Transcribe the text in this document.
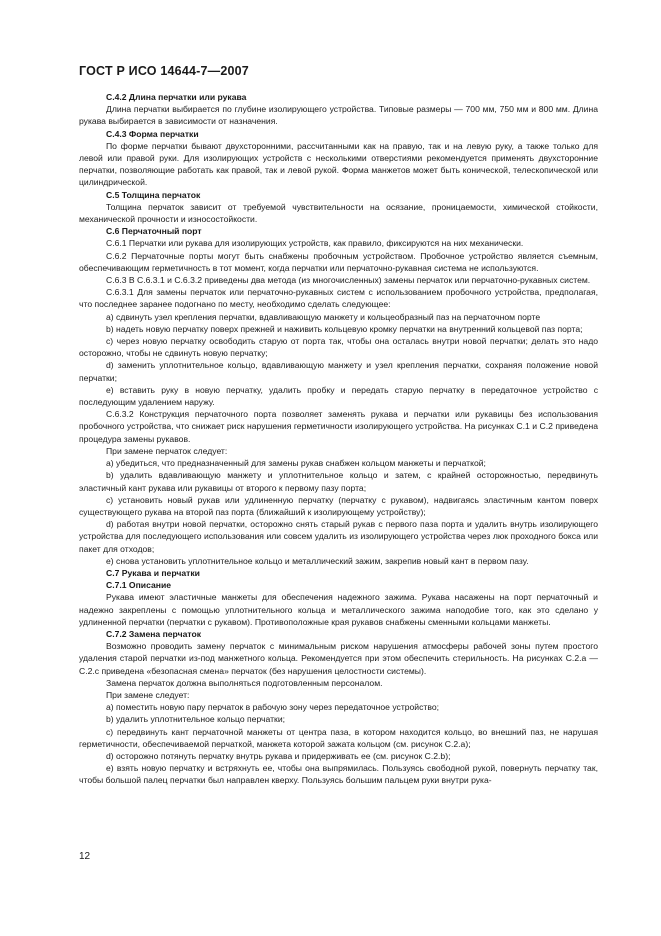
ГОСТ Р ИСО 14644-7—2007

С.4.2 Длина перчатки или рукава

Длина перчатки выбирается по глубине изолирующего устройства. Типовые размеры — 700 мм, 750 мм и 800 мм. Длина рукава выбирается в зависимости от назначения.

С.4.3 Форма перчатки

По форме перчатки бывают двухсторонними, рассчитанными как на правую, так и на левую руку, а также только для левой или правой руки. Для изолирующих устройств с несколькими отверстиями рекомендуется применять двухсторонние перчатки, позволяющие работать как правой, так и левой рукой. Форма манжетов может быть конической, телескопической или цилиндрической.

С.5 Толщина перчаток

Толщина перчаток зависит от требуемой чувствительности на осязание, проницаемости, химической стойкости, механической прочности и износостойкости.

С.6 Перчаточный порт

С.6.1 Перчатки или рукава для изолирующих устройств, как правило, фиксируются на них механически.

С.6.2 Перчаточные порты могут быть снабжены пробочным устройством. Пробочное устройство является съемным, обеспечивающим герметичность в тот момент, когда перчатки или перчаточно-рукавная система не используются.

С.6.3 В С.6.3.1 и С.6.3.2 приведены два метода (из многочисленных) замены перчаток или перчаточно-рукавных систем.

С.6.3.1 Для замены перчаток или перчаточно-рукавных систем с использованием пробочного устройства, предполагая, что последнее заранее подогнано по месту, необходимо сделать следующее:

а) сдвинуть узел крепления перчатки, вдавливающую манжету и кольцеобразный паз на перчаточном порте

b) надеть новую перчатку поверх прежней и наживить кольцевую кромку перчатки на внутренний кольцевой паз порта;

с) через новую перчатку освободить старую от порта так, чтобы она осталась внутри новой перчатки; делать это надо осторожно, чтобы не сдвинуть новую перчатку;

d) заменить уплотнительное кольцо, вдавливающую манжету и узел крепления перчатки, сохраняя положение новой перчатки;

е) вставить руку в новую перчатку, удалить пробку и передать старую перчатку в передаточное устройство с последующим удалением наружу.

С.6.3.2 Конструкция перчаточного порта позволяет заменять рукава и перчатки или рукавицы без использования пробочного устройства, что снижает риск нарушения герметичности изолирующего устройства. На рисунках С.1 и С.2 приведена процедура замены рукавов.

При замене перчаток следует:

а) убедиться, что предназначенный для замены рукав снабжен кольцом манжеты и перчаткой;

b) удалить вдавливающую манжету и уплотнительное кольцо и затем, с крайней осторожностью, передвинуть эластичный кант рукава или рукавицы от второго к первому пазу порта;

с) установить новый рукав или удлиненную перчатку (перчатку с рукавом), надвигаясь эластичным кантом поверх существующего рукава на второй паз порта (ближайший к изолирующему устройству);

d) работая внутри новой перчатки, осторожно снять старый рукав с первого паза порта и удалить внутрь изолирующего устройства для последующего использования или совсем удалить из изолирующего устройства через люк проходного бокса или пакет для отходов;

е) снова установить уплотнительное кольцо и металлический зажим, закрепив новый кант в первом пазу.

С.7 Рукава и перчатки

С.7.1 Описание

Рукава имеют эластичные манжеты для обеспечения надежного зажима. Рукава насажены на порт перчаточный и надежно закреплены с помощью уплотнительного кольца и металлического зажима наподобие того, как это сделано у удлиненной перчатки (перчатки с рукавом). Противоположные края рукавов снабжены сменными кольцами манжеты.

С.7.2 Замена перчаток

Возможно проводить замену перчаток с минимальным риском нарушения атмосферы рабочей зоны путем простого удаления старой перчатки из-под манжетного кольца. Рекомендуется при этом обеспечить стерильность. На рисунках С.2.а — С.2.с приведена «безопасная смена» перчаток (без нарушения целостности системы).

Замена перчаток должна выполняться подготовленным персоналом.

При замене следует:

а) поместить новую пару перчаток в рабочую зону через передаточное устройство;

b) удалить уплотнительное кольцо перчатки;

с) передвинуть кант перчаточной манжеты от центра паза, в котором находится кольцо, во внешний паз, не нарушая герметичности, обеспечиваемой перчаткой, манжета которой зажата кольцом (см. рисунок С.2.а);

d) осторожно потянуть перчатку внутрь рукава и придерживать ее (см. рисунок С.2.b);

е) взять новую перчатку и встряхнуть ее, чтобы она выпрямилась. Пользуясь свободной рукой, повернуть перчатку так, чтобы большой палец перчатки был направлен кверху. Пользуясь большим пальцем руки внутри рука-

12
